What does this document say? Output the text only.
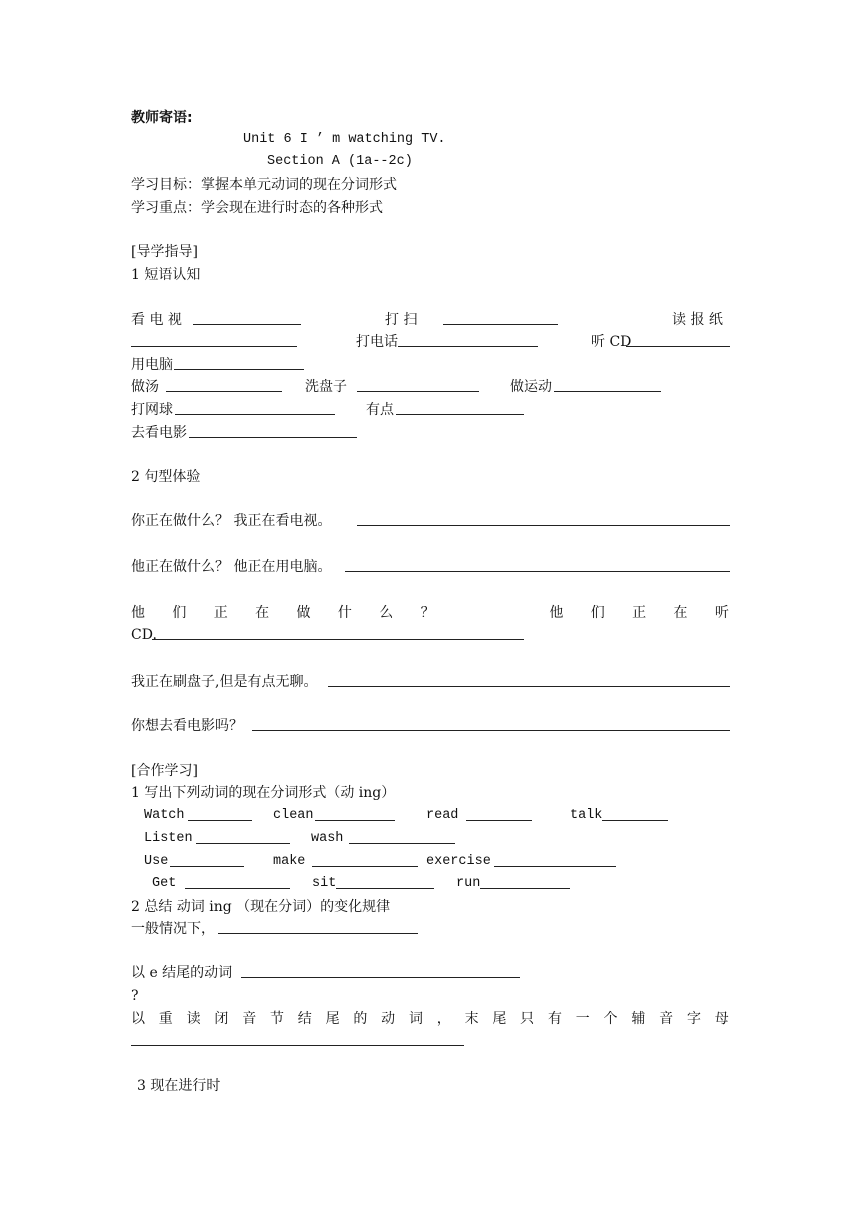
教师寄语:
Unit 6 I ’ m watching TV.
Section A (1a--2c)
学习目标：掌握本单元动词的现在分词形式
学习重点：学会现在进行时态的各种形式
[导学指导]
1 短语认知
看 电 视	打 扫	读 报 纸
打电话	听 CD
用电脑
做汤	洗盘子	做运动
打网球	有点
去看电影
2 句型体验
你正在做什么？ 我正在看电视。
他正在做什么？ 他正在用电脑。
他 们 正 在 做 什 么 ？	他 们 正 在 听
CD.
我正在刷盘子,但是有点无聊。
你想去看电影吗？
[合作学习]
1 写出下列动词的现在分词形式（动 ing）
Watch	clean	read	talk
Listen	wash
Use	make	exercise
Get	sit	run
2 总结 动词 ing （现在分词）的变化规律
一般情况下，
以 e 结尾的动词
?
以 重 读 闭 音 节 结 尾 的 动 词 ， 末 尾 只 有 一 个 辅 音 字 母
3 现在进行时
